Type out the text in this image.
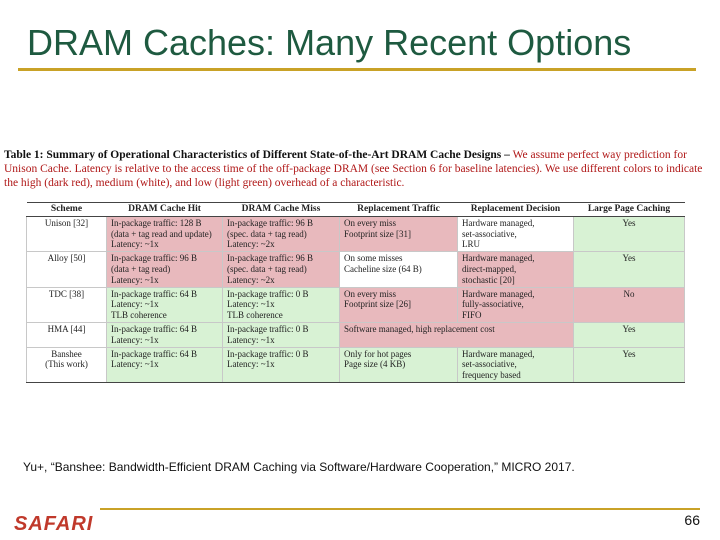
DRAM Caches: Many Recent Options
Table 1: Summary of Operational Characteristics of Different State-of-the-Art DRAM Cache Designs – We assume perfect way prediction for Unison Cache. Latency is relative to the access time of the off-package DRAM (see Section 6 for baseline latencies). We use different colors to indicate the high (dark red), medium (white), and low (light green) overhead of a characteristic.
Scheme	DRAM Cache Hit	DRAM Cache Miss	Replacement Traffic	Replacement Decision	Large Page Caching
Unison [32]	In-package traffic: 128 B
(data + tag read and update)
Latency: ~1x	In-package traffic: 96 B
(spec. data + tag read)
Latency: ~2x	On every miss
Footprint size [31]	Hardware managed,
set-associative,
LRU	Yes
Alloy [50]	In-package traffic: 96 B
(data + tag read)
Latency: ~1x	In-package traffic: 96 B
(spec. data + tag read)
Latency: ~2x	On some misses
Cacheline size (64 B)	Hardware managed,
direct-mapped,
stochastic [20]	Yes
TDC [38]	In-package traffic: 64 B
Latency: ~1x
TLB coherence	In-package traffic: 0 B
Latency: ~1x
TLB coherence	On every miss
Footprint size [26]	Hardware managed,
fully-associative,
FIFO	No
HMA [44]	In-package traffic: 64 B
Latency: ~1x	In-package traffic: 0 B
Latency: ~1x	Software managed, high replacement cost		Yes
Banshee
(This work)	In-package traffic: 64 B
Latency: ~1x	In-package traffic: 0 B
Latency: ~1x	Only for hot pages
Page size (4 KB)	Hardware managed,
set-associative,
frequency based	Yes
Yu+, “Banshee: Bandwidth-Efficient DRAM Caching via Software/Hardware Cooperation,” MICRO 2017.
SAFARI	66
